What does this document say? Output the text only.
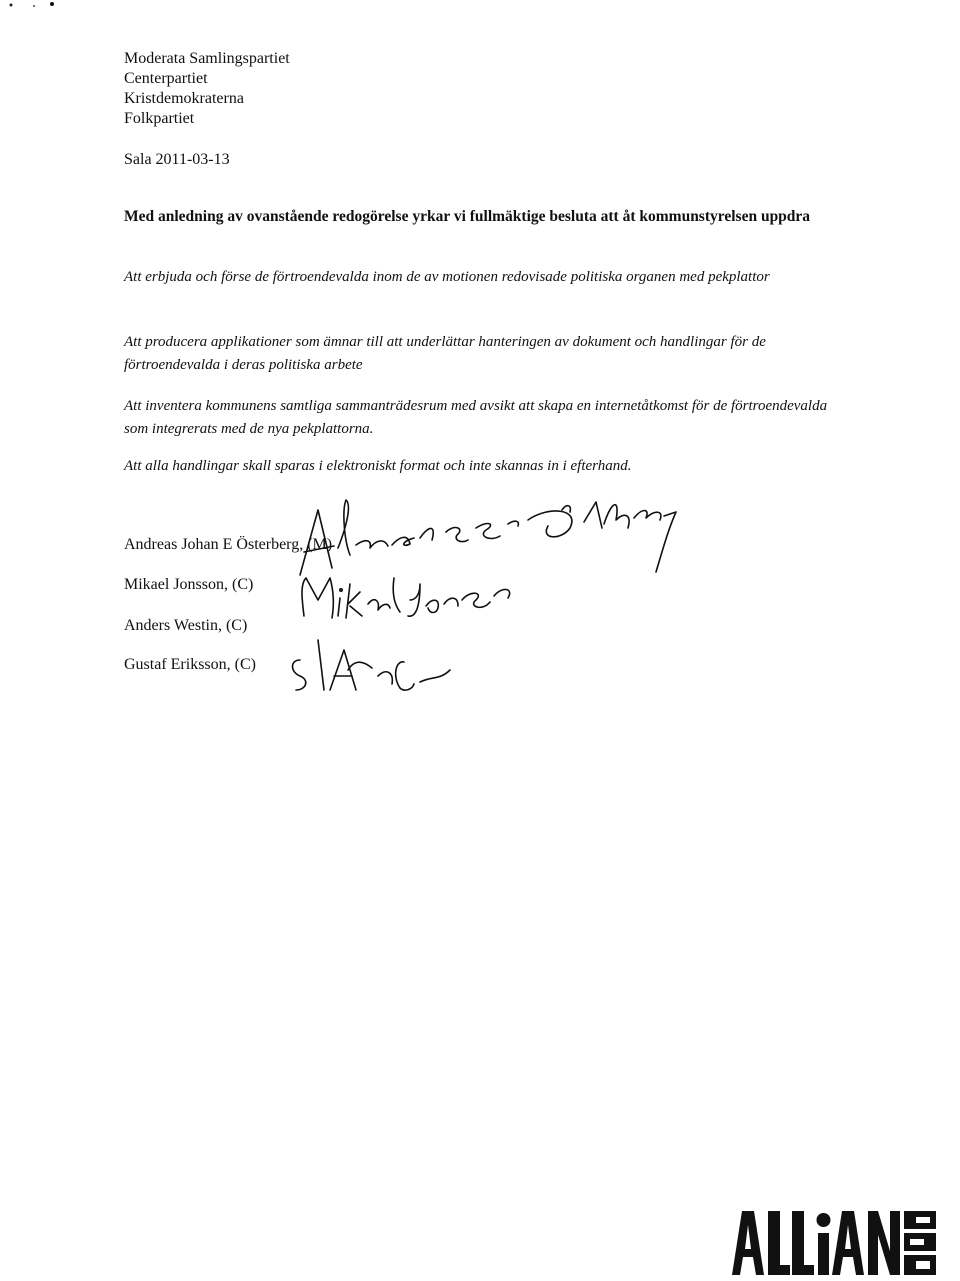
Moderata Samlingspartiet
Centerpartiet
Kristdemokraterna
Folkpartiet
Sala 2011-03-13
Med anledning av ovanstående redogörelse yrkar vi fullmäktige besluta att åt kommunstyrelsen uppdra
Att erbjuda och förse de förtroendevalda inom de av motionen redovisade politiska organen med pekplattor
Att producera applikationer som ämnar till att underlättar hanteringen av dokument och handlingar för de förtroendevalda i deras politiska arbete
Att inventera kommunens samtliga sammanträdesrum med avsikt att skapa en internetåtkomst för de förtroendevalda som integrerats med de nya pekplattorna.
Att alla handlingar skall sparas i elektroniskt format och inte skannas in i efterhand.
Andreas Johan E Österberg, (M)
Mikael Jonsson, (C)
Anders Westin, (C)
Gustaf Eriksson, (C)
